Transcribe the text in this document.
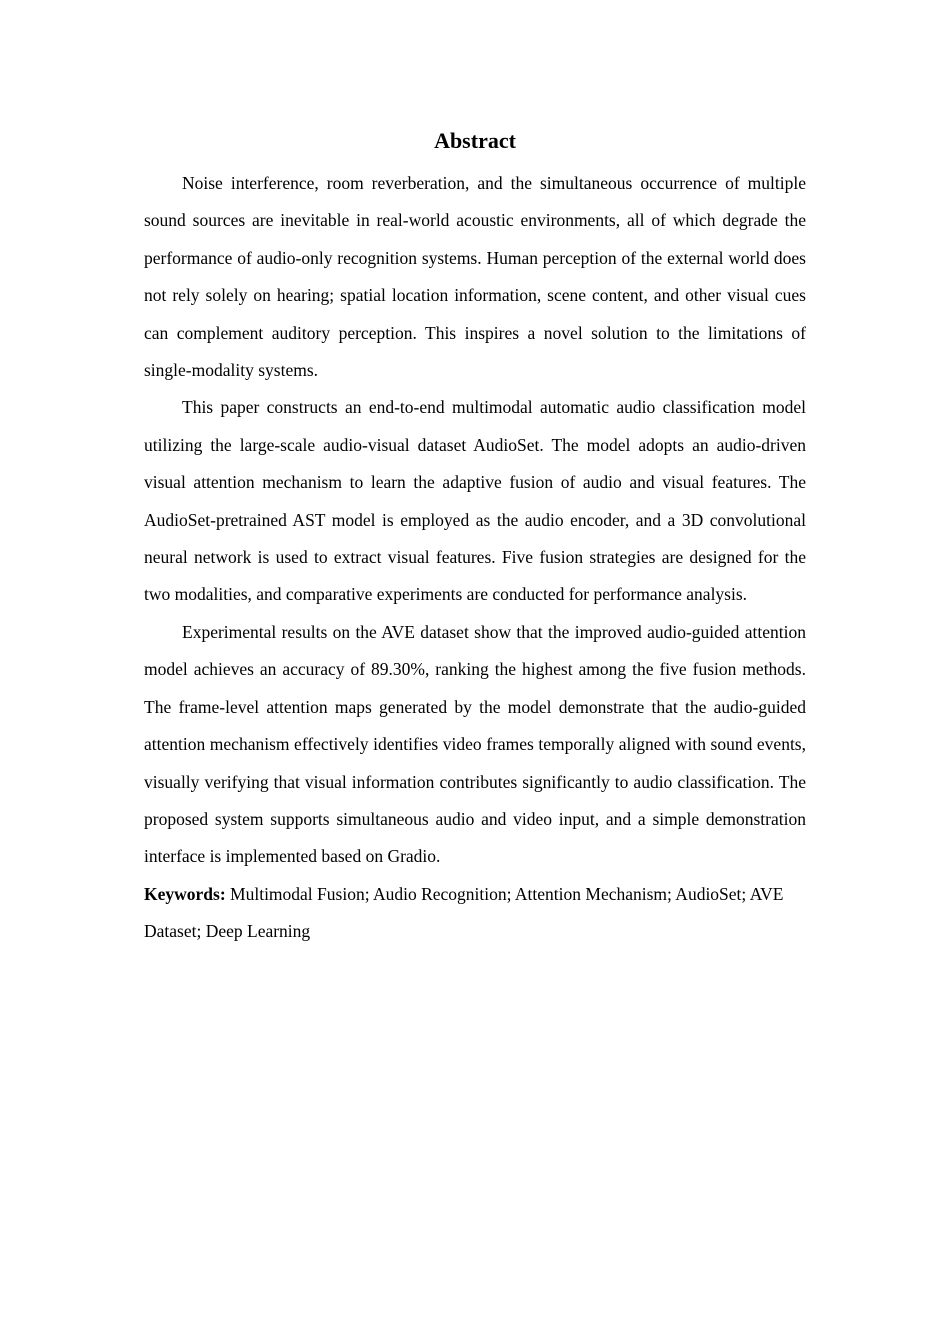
Abstract

Noise interference, room reverberation, and the simultaneous occurrence of multiple sound sources are inevitable in real-world acoustic environments, all of which degrade the performance of audio-only recognition systems. Human perception of the external world does not rely solely on hearing; spatial location information, scene content, and other visual cues can complement auditory perception. This inspires a novel solution to the limitations of single-modality systems.

This paper constructs an end-to-end multimodal automatic audio classification model utilizing the large-scale audio-visual dataset AudioSet. The model adopts an audio-driven visual attention mechanism to learn the adaptive fusion of audio and visual features. The AudioSet-pretrained AST model is employed as the audio encoder, and a 3D convolutional neural network is used to extract visual features. Five fusion strategies are designed for the two modalities, and comparative experiments are conducted for performance analysis.

Experimental results on the AVE dataset show that the improved audio-guided attention model achieves an accuracy of 89.30%, ranking the highest among the five fusion methods. The frame-level attention maps generated by the model demonstrate that the audio-guided attention mechanism effectively identifies video frames temporally aligned with sound events, visually verifying that visual information contributes significantly to audio classification. The proposed system supports simultaneous audio and video input, and a simple demonstration interface is implemented based on Gradio.

Keywords: Multimodal Fusion; Audio Recognition; Attention Mechanism; AudioSet; AVE Dataset; Deep Learning
